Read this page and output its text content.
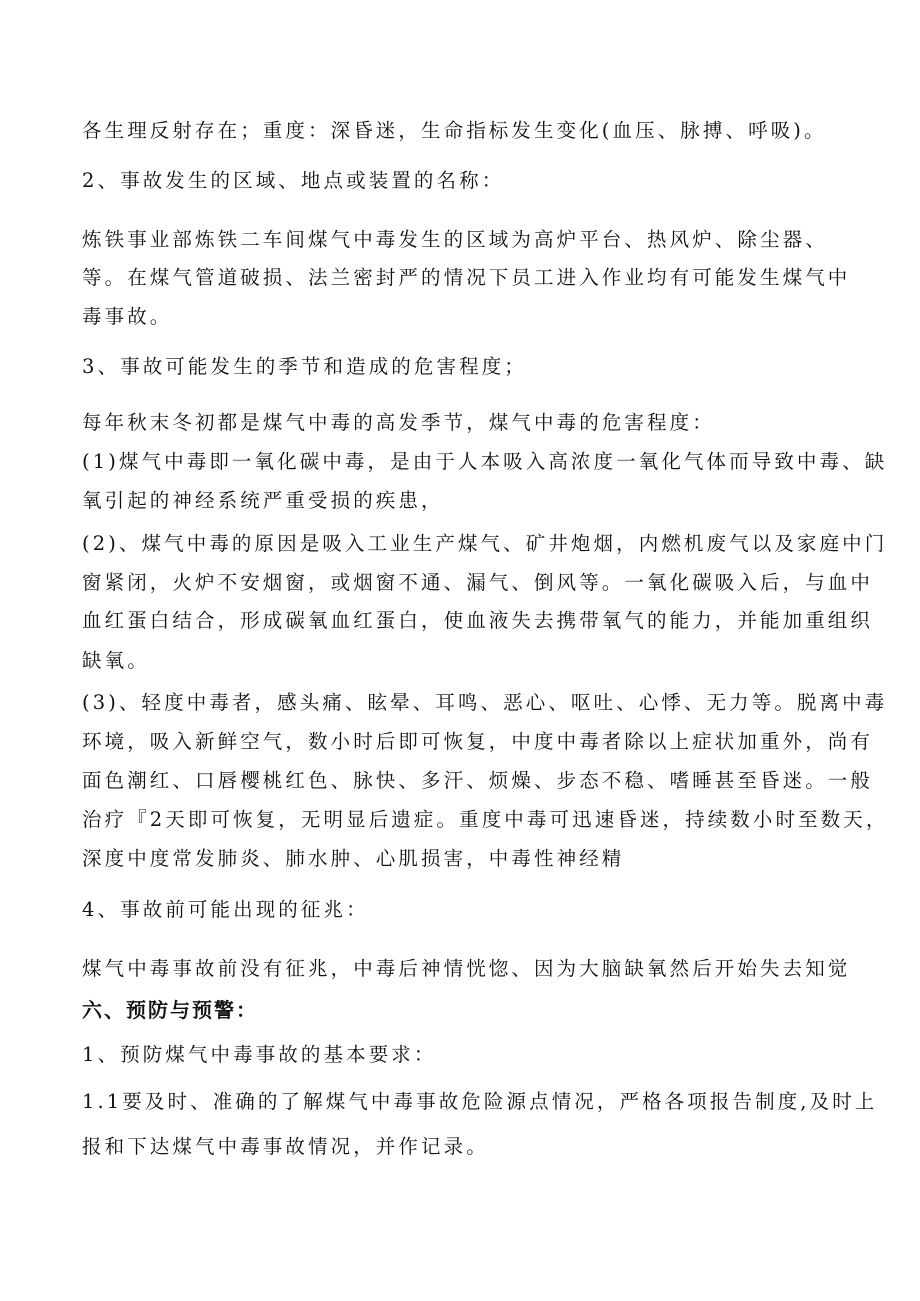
各生理反射存在；重度：深昏迷，生命指标发生变化(血压、脉搏、呼吸)。
2、事故发生的区域、地点或装置的名称：
炼铁事业部炼铁二车间煤气中毒发生的区域为高炉平台、热风炉、除尘器、
等。在煤气管道破损、法兰密封严的情况下员工进入作业均有可能发生煤气中
毒事故。
3、事故可能发生的季节和造成的危害程度；
每年秋末冬初都是煤气中毒的高发季节，煤气中毒的危害程度：
(1)煤气中毒即一氧化碳中毒，是由于人本吸入高浓度一氧化气体而导致中毒、缺
氧引起的神经系统严重受损的疾患，
(2)、煤气中毒的原因是吸入工业生产煤气、矿井炮烟，内燃机废气以及家庭中门
窗紧闭，火炉不安烟窗，或烟窗不通、漏气、倒风等。一氧化碳吸入后，与血中
血红蛋白结合，形成碳氧血红蛋白，使血液失去携带氧气的能力，并能加重组织
缺氧。
(3)、轻度中毒者，感头痛、眩晕、耳鸣、恶心、呕吐、心悸、无力等。脱离中毒
环境，吸入新鲜空气，数小时后即可恢复，中度中毒者除以上症状加重外，尚有
面色潮红、口唇樱桃红色、脉快、多汗、烦燥、步态不稳、嗜睡甚至昏迷。一般
治疗『2天即可恢复，无明显后遗症。重度中毒可迅速昏迷，持续数小时至数天，
深度中度常发肺炎、肺水肿、心肌损害，中毒性神经精
4、事故前可能出现的征兆：
煤气中毒事故前没有征兆，中毒后神情恍惚、因为大脑缺氧然后开始失去知觉
六、预防与预警：
1、预防煤气中毒事故的基本要求：
1.1要及时、准确的了解煤气中毒事故危险源点情况，严格各项报告制度,及时上
报和下达煤气中毒事故情况，并作记录。
